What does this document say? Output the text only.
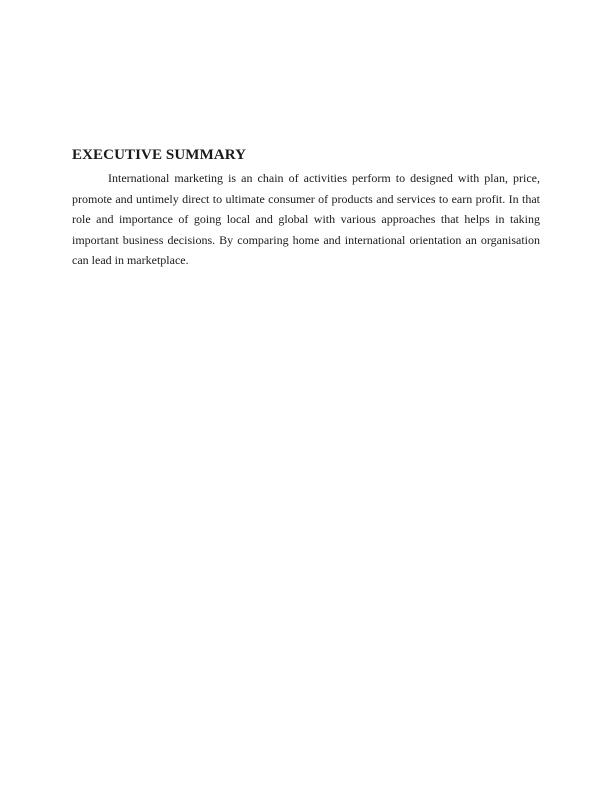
EXECUTIVE SUMMARY

International marketing is an chain of activities perform to designed with plan, price, promote and untimely direct to ultimate consumer of products and services to earn profit. In that role and importance of going local and global with various approaches that helps in taking important business decisions. By comparing home and international orientation an organisation can lead in marketplace.
